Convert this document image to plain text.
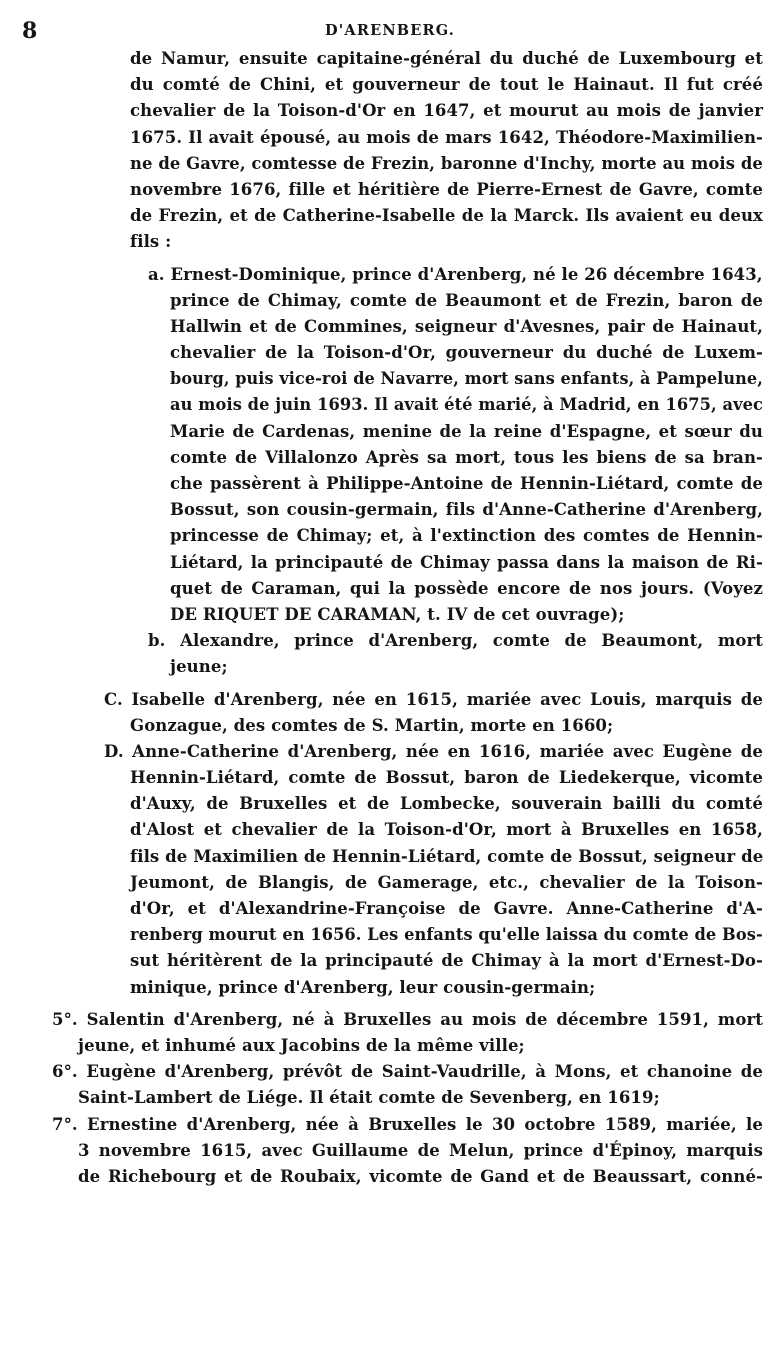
8	D'ARENBERG.
de Namur, ensuite capitaine-général du duché de Luxembourg et
du comté de Chini, et gouverneur de tout le Hainaut. Il fut créé
chevalier de la Toison-d'Or en 1647, et mourut au mois de janvier
1675. Il avait épousé, au mois de mars 1642, Théodore-Maximilien-
ne de Gavre, comtesse de Frezin, baronne d'Inchy, morte au mois de
novembre 1676, fille et héritière de Pierre-Ernest de Gavre, comte
de Frezin, et de Catherine-Isabelle de la Marck. Ils avaient eu deux
fils :
a. Ernest-Dominique, prince d'Arenberg, né le 26 décembre 1643,
prince de Chimay, comte de Beaumont et de Frezin, baron de
Hallwin et de Commines, seigneur d'Avesnes, pair de Hainaut,
chevalier de la Toison-d'Or, gouverneur du duché de Luxem-
bourg, puis vice-roi de Navarre, mort sans enfants, à Pampelune,
au mois de juin 1693. Il avait été marié, à Madrid, en 1675, avec
Marie de Cardenas, menine de la reine d'Espagne, et sœur du
comte de Villalonzo Après sa mort, tous les biens de sa bran-
che passèrent à Philippe-Antoine de Hennin-Liétard, comte de
Bossut, son cousin-germain, fils d'Anne-Catherine d'Arenberg,
princesse de Chimay; et, à l'extinction des comtes de Hennin-
Liétard, la principauté de Chimay passa dans la maison de Ri-
quet de Caraman, qui la possède encore de nos jours. (Voyez
DE RIQUET DE CARAMAN, t. IV de cet ouvrage);
b. Alexandre, prince d'Arenberg, comte de Beaumont, mort
jeune;
C. Isabelle d'Arenberg, née en 1615, mariée avec Louis, marquis de
Gonzague, des comtes de S. Martin, morte en 1660;
D. Anne-Catherine d'Arenberg, née en 1616, mariée avec Eugène de
Hennin-Liétard, comte de Bossut, baron de Liedekerque, vicomte
d'Auxy, de Bruxelles et de Lombecke, souverain bailli du comté
d'Alost et chevalier de la Toison-d'Or, mort à Bruxelles en 1658,
fils de Maximilien de Hennin-Liétard, comte de Bossut, seigneur de
Jeumont, de Blangis, de Gamerage, etc., chevalier de la Toison-
d'Or, et d'Alexandrine-Françoise de Gavre. Anne-Catherine d'A-
renberg mourut en 1656. Les enfants qu'elle laissa du comte de Bos-
sut héritèrent de la principauté de Chimay à la mort d'Ernest-Do-
minique, prince d'Arenberg, leur cousin-germain;
5°. Salentin d'Arenberg, né à Bruxelles au mois de décembre 1591, mort
jeune, et inhumé aux Jacobins de la même ville;
6°. Eugène d'Arenberg, prévôt de Saint-Vaudrille, à Mons, et chanoine de
Saint-Lambert de Liége. Il était comte de Sevenberg, en 1619;
7°. Ernestine d'Arenberg, née à Bruxelles le 30 octobre 1589, mariée, le
3 novembre 1615, avec Guillaume de Melun, prince d'Épinoy, marquis
de Richebourg et de Roubaix, vicomte de Gand et de Beaussart, conné-
